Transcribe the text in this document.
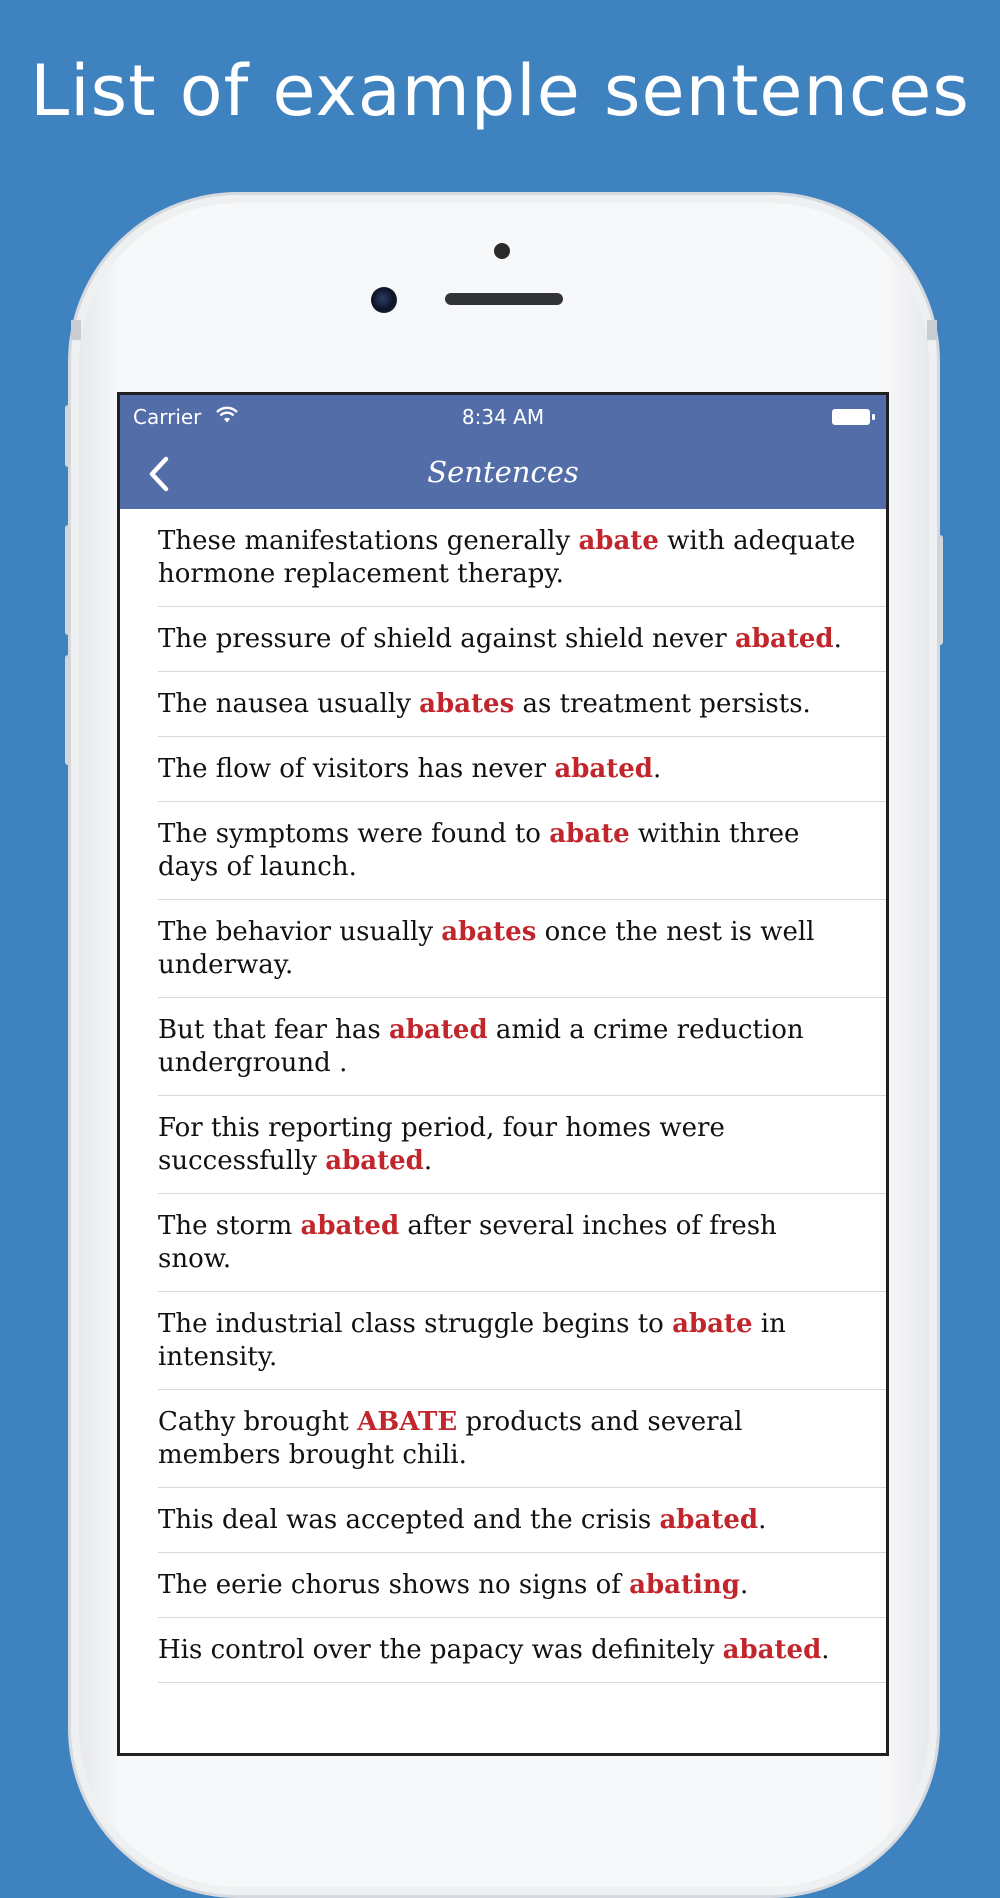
List of example sentences
Carrier	8:34 AM
Sentences
These manifestations generally abate with adequate hormone replacement therapy.
The pressure of shield against shield never abated.
The nausea usually abates as treatment persists.
The flow of visitors has never abated.
The symptoms were found to abate within three days of launch.
The behavior usually abates once the nest is well underway.
But that fear has abated amid a crime reduction underground .
For this reporting period, four homes were successfully abated.
The storm abated after several inches of fresh snow.
The industrial class struggle begins to abate in intensity.
Cathy brought ABATE products and several members brought chili.
This deal was accepted and the crisis abated.
The eerie chorus shows no signs of abating.
His control over the papacy was definitely abated.
